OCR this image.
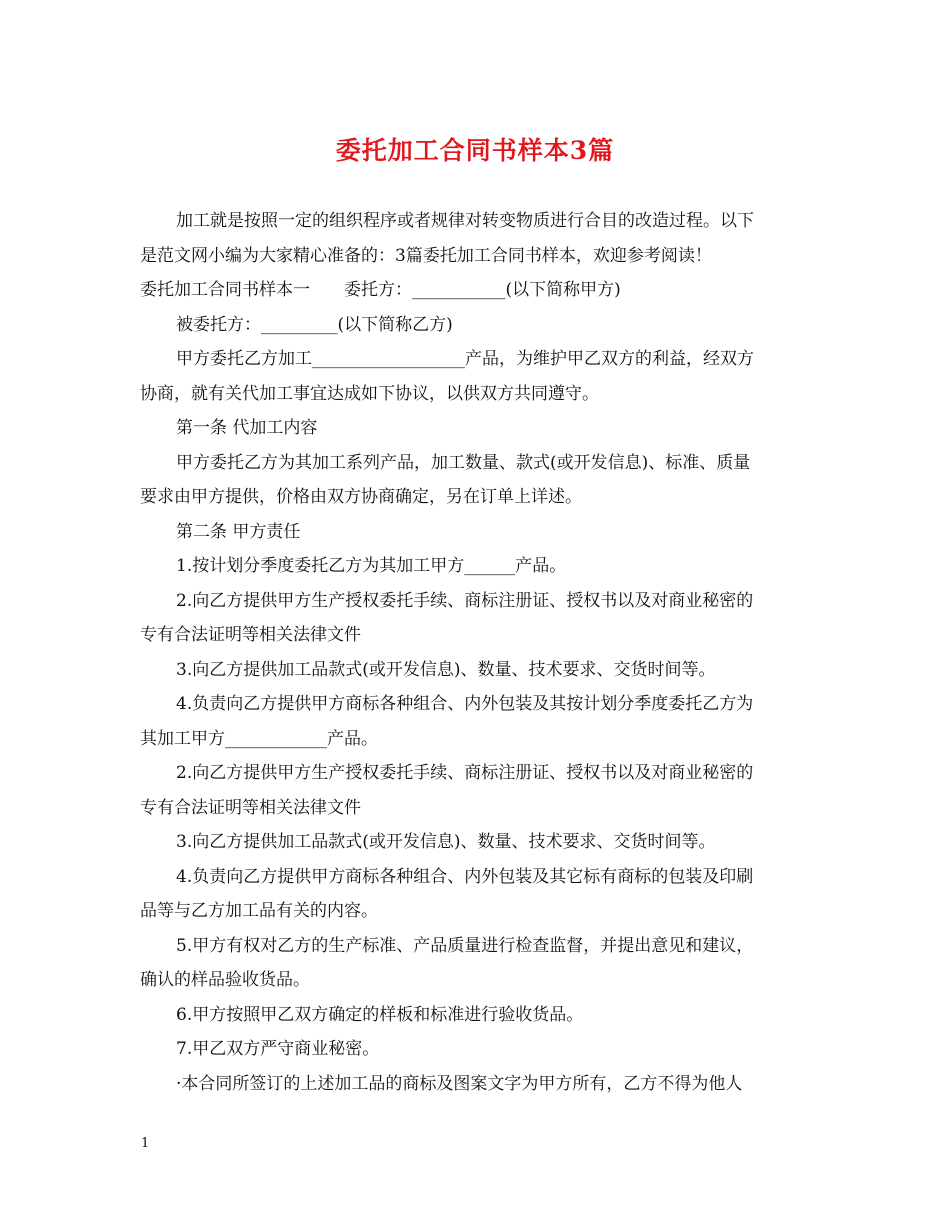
委托加工合同书样本3篇

加工就是按照一定的组织程序或者规律对转变物质进行合目的改造过程。以下

是范文网小编为大家精心准备的：3篇委托加工合同书样本，欢迎参考阅读！

委托加工合同书样本一　　委托方：___________(以下简称甲方)

被委托方：_________(以下简称乙方)

甲方委托乙方加工__________________产品，为维护甲乙双方的利益，经双方

协商，就有关代加工事宜达成如下协议，以供双方共同遵守。

第一条 代加工内容

甲方委托乙方为其加工系列产品，加工数量、款式(或开发信息)、标准、质量

要求由甲方提供，价格由双方协商确定，另在订单上详述。

第二条 甲方责任

1.按计划分季度委托乙方为其加工甲方______产品。

2.向乙方提供甲方生产授权委托手续、商标注册证、授权书以及对商业秘密的

专有合法证明等相关法律文件

3.向乙方提供加工品款式(或开发信息)、数量、技术要求、交货时间等。

4.负责向乙方提供甲方商标各种组合、内外包装及其按计划分季度委托乙方为

其加工甲方____________产品。

2.向乙方提供甲方生产授权委托手续、商标注册证、授权书以及对商业秘密的

专有合法证明等相关法律文件

3.向乙方提供加工品款式(或开发信息)、数量、技术要求、交货时间等。

4.负责向乙方提供甲方商标各种组合、内外包装及其它标有商标的包装及印刷

品等与乙方加工品有关的内容。

5.甲方有权对乙方的生产标准、产品质量进行检查监督，并提出意见和建议，

确认的样品验收货品。

6.甲方按照甲乙双方确定的样板和标准进行验收货品。

7.甲乙双方严守商业秘密。

·本合同所签订的上述加工品的商标及图案文字为甲方所有，乙方不得为他人

1
